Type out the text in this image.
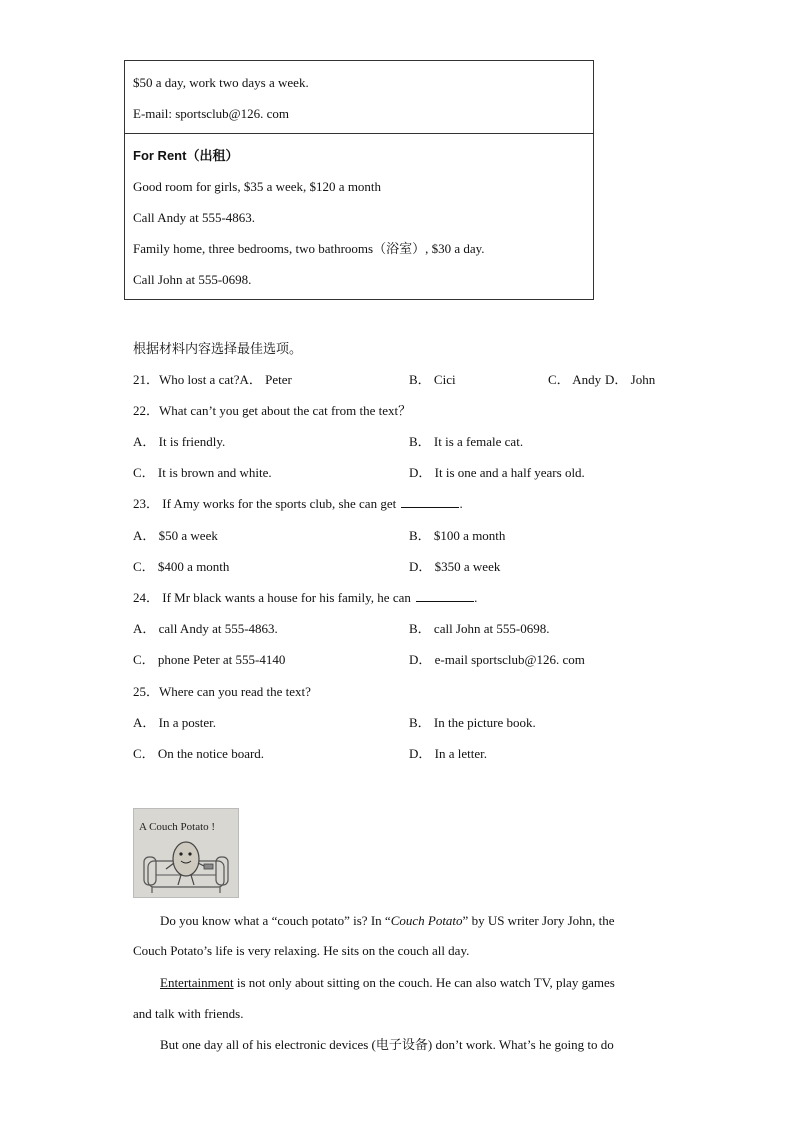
$50 a day, work two days a week.
E-mail: sportsclub@126. com
For Rent（出租）
Good room for girls, $35 a week, $120 a month
Call Andy at 555-4863.
Family home, three bedrooms, two bathrooms（浴室）, $30 a day.
Call John at 555-0698.
根据材料内容选择最佳选项。
21．Who lost a cat?A． Peter	B． Cici	C． Andy D． John
22．What can’t you get about the cat from the text？
A． It is friendly.	B． It is a female cat.
C． It is brown and white.	D． It is one and a half years old.
23． If Amy works for the sports club, she can get	.
A． $50 a week	B． $100 a month
C． $400 a month	D． $350 a week
24． If Mr black wants a house for his family, he can	.
A． call Andy at 555-4863.	B． call John at 555-0698.
C． phone Peter at 555-4140	D． e-mail sportsclub@126. com
25．Where can you read the text?
A． In a poster.	B． In the picture book.
C． On the notice board.	D． In a letter.
A Couch Potato !
Do you know what a “couch potato” is? In “Couch Potato” by US writer Jory John, the
Couch Potato’s life is very relaxing. He sits on the couch all day.
Entertainment is not only about sitting on the couch. He can also watch TV, play games
and talk with friends.
But one day all of his electronic devices (电子设备) don’t work. What’s he going to do
